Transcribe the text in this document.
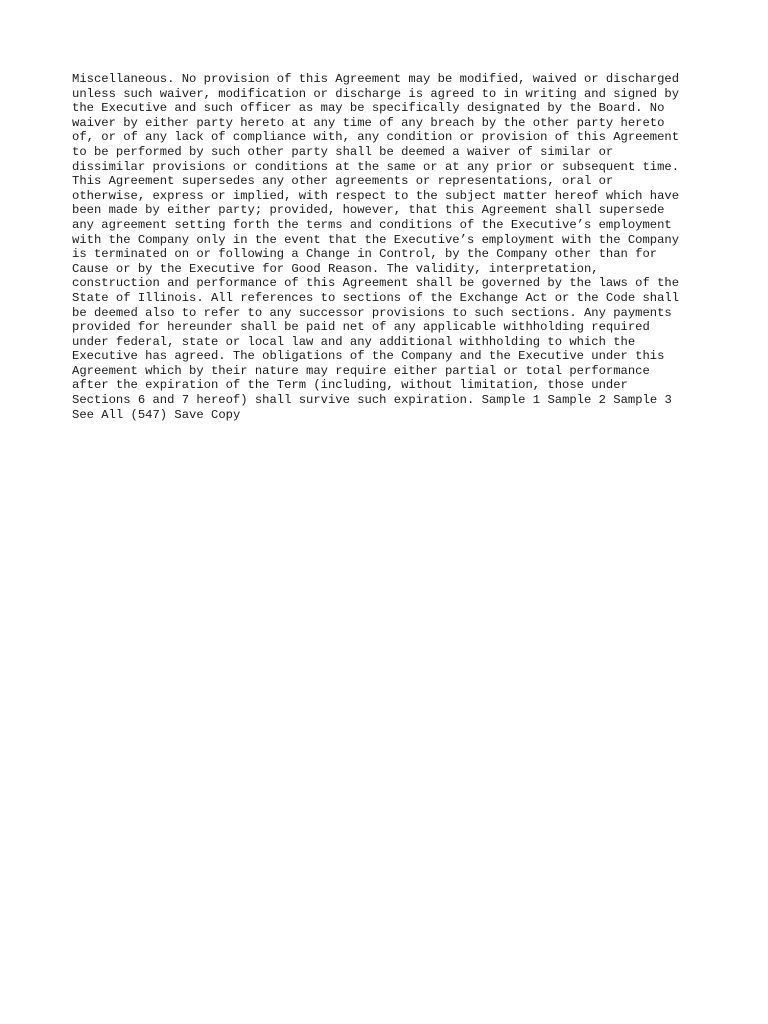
Miscellaneous. No provision of this Agreement may be modified, waived or discharged
unless such waiver, modification or discharge is agreed to in writing and signed by
the Executive and such officer as may be specifically designated by the Board. No
waiver by either party hereto at any time of any breach by the other party hereto
of, or of any lack of compliance with, any condition or provision of this Agreement
to be performed by such other party shall be deemed a waiver of similar or
dissimilar provisions or conditions at the same or at any prior or subsequent time.
This Agreement supersedes any other agreements or representations, oral or
otherwise, express or implied, with respect to the subject matter hereof which have
been made by either party; provided, however, that this Agreement shall supersede
any agreement setting forth the terms and conditions of the Executive’s employment
with the Company only in the event that the Executive’s employment with the Company
is terminated on or following a Change in Control, by the Company other than for
Cause or by the Executive for Good Reason. The validity, interpretation,
construction and performance of this Agreement shall be governed by the laws of the
State of Illinois. All references to sections of the Exchange Act or the Code shall
be deemed also to refer to any successor provisions to such sections. Any payments
provided for hereunder shall be paid net of any applicable withholding required
under federal, state or local law and any additional withholding to which the
Executive has agreed. The obligations of the Company and the Executive under this
Agreement which by their nature may require either partial or total performance
after the expiration of the Term (including, without limitation, those under
Sections 6 and 7 hereof) shall survive such expiration. Sample 1 Sample 2 Sample 3
See All (547) Save Copy
